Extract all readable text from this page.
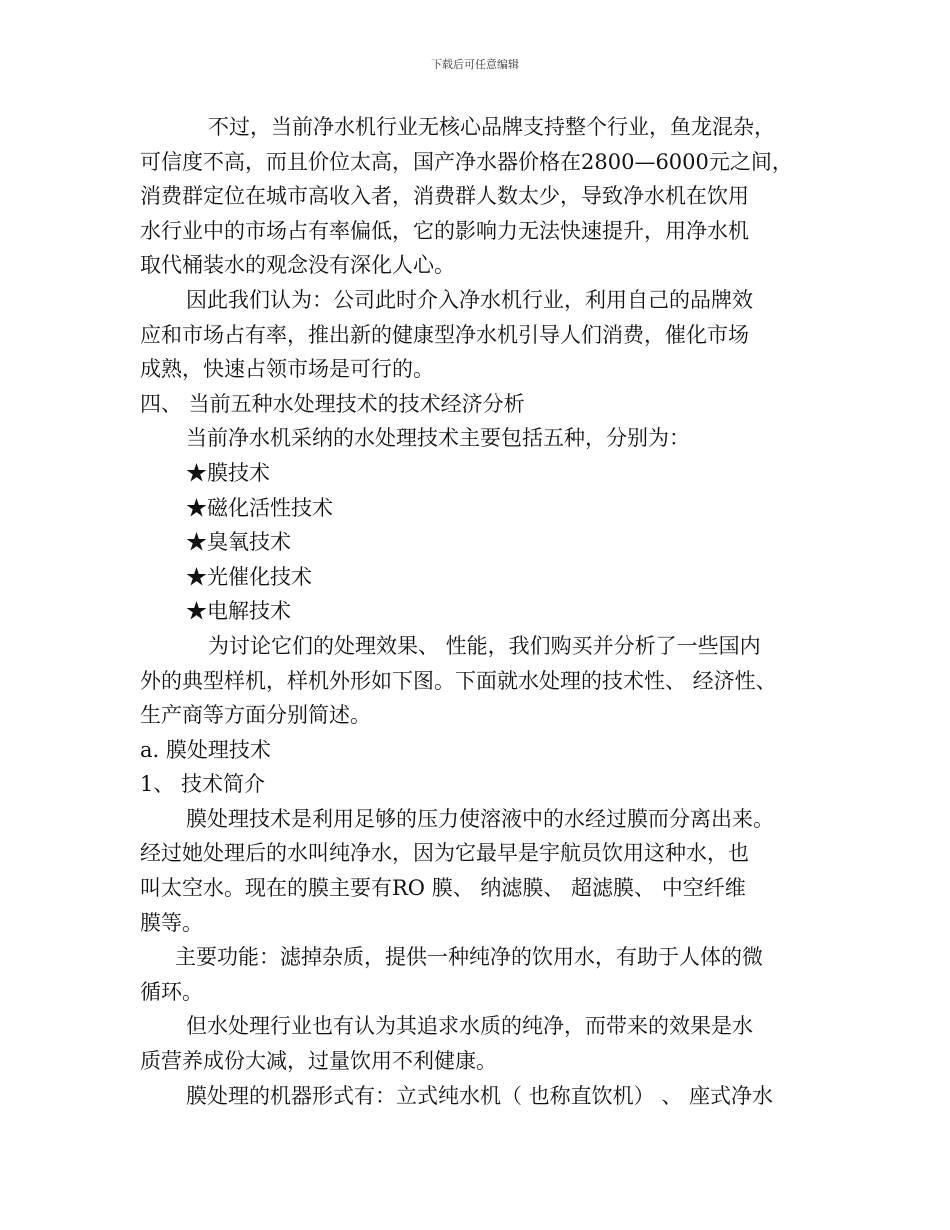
下载后可任意编辑

不过，当前净水机行业无核心品牌支持整个行业，鱼龙混杂，

可信度不高，而且价位太高，国产净水器价格在2800—6000元之间，

消费群定位在城市高收入者，消费群人数太少，导致净水机在饮用

水行业中的市场占有率偏低，它的影响力无法快速提升，用净水机

取代桶装水的观念没有深化人心。

因此我们认为：公司此时介入净水机行业，利用自己的品牌效

应和市场占有率，推出新的健康型净水机引导人们消费，催化市场

成熟，快速占领市场是可行的。

四、 当前五种水处理技术的技术经济分析

当前净水机采纳的水处理技术主要包括五种，分别为：

★膜技术

★磁化活性技术

★臭氧技术

★光催化技术

★电解技术

为讨论它们的处理效果、 性能，我们购买并分析了一些国内

外的典型样机，样机外形如下图。下面就水处理的技术性、 经济性、

生产商等方面分别简述。

a. 膜处理技术

1、 技术简介

膜处理技术是利用足够的压力使溶液中的水经过膜而分离出来。

经过她处理后的水叫纯净水，因为它最早是宇航员饮用这种水，也

叫太空水。现在的膜主要有RO 膜、 纳滤膜、 超滤膜、 中空纤维

膜等。

主要功能：滤掉杂质，提供一种纯净的饮用水，有助于人体的微

循环。

但水处理行业也有认为其追求水质的纯净，而带来的效果是水

质营养成份大减，过量饮用不利健康。

膜处理的机器形式有：立式纯水机（ 也称直饮机） 、 座式净水
